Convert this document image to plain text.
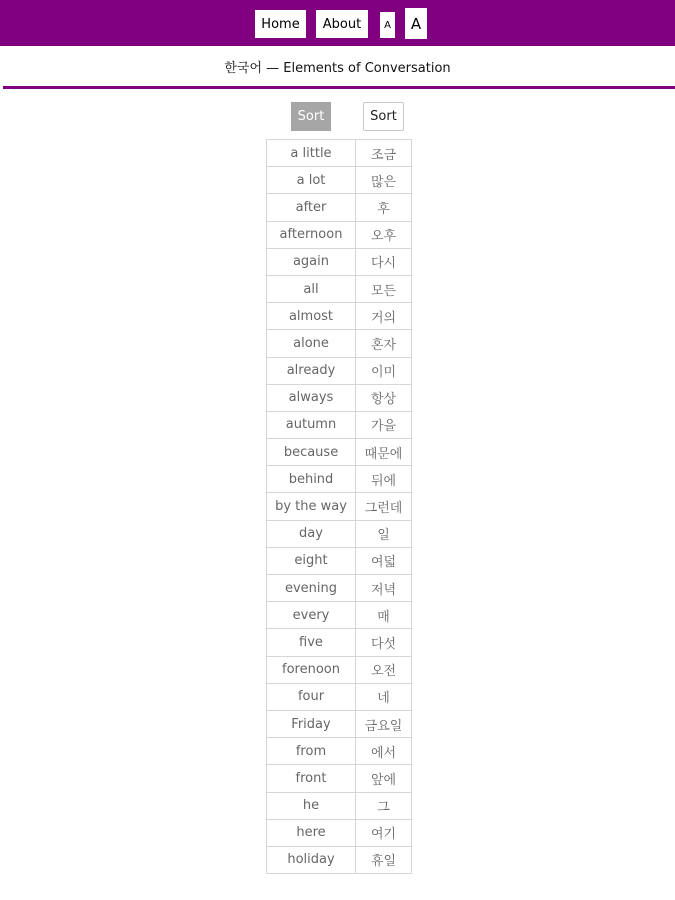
Home	About	A	A
한국어 — Elements of Conversation
Sort	Sort
a little	조금
a lot	많은
after	후
afternoon	오후
again	다시
all	모든
almost	거의
alone	혼자
already	이미
always	항상
autumn	가을
because	때문에
behind	뒤에
by the way	그런데
day	일
eight	여덟
evening	저녁
every	매
five	다섯
forenoon	오전
four	네
Friday	금요일
from	에서
front	앞에
he	그
here	여기
holiday	휴일
